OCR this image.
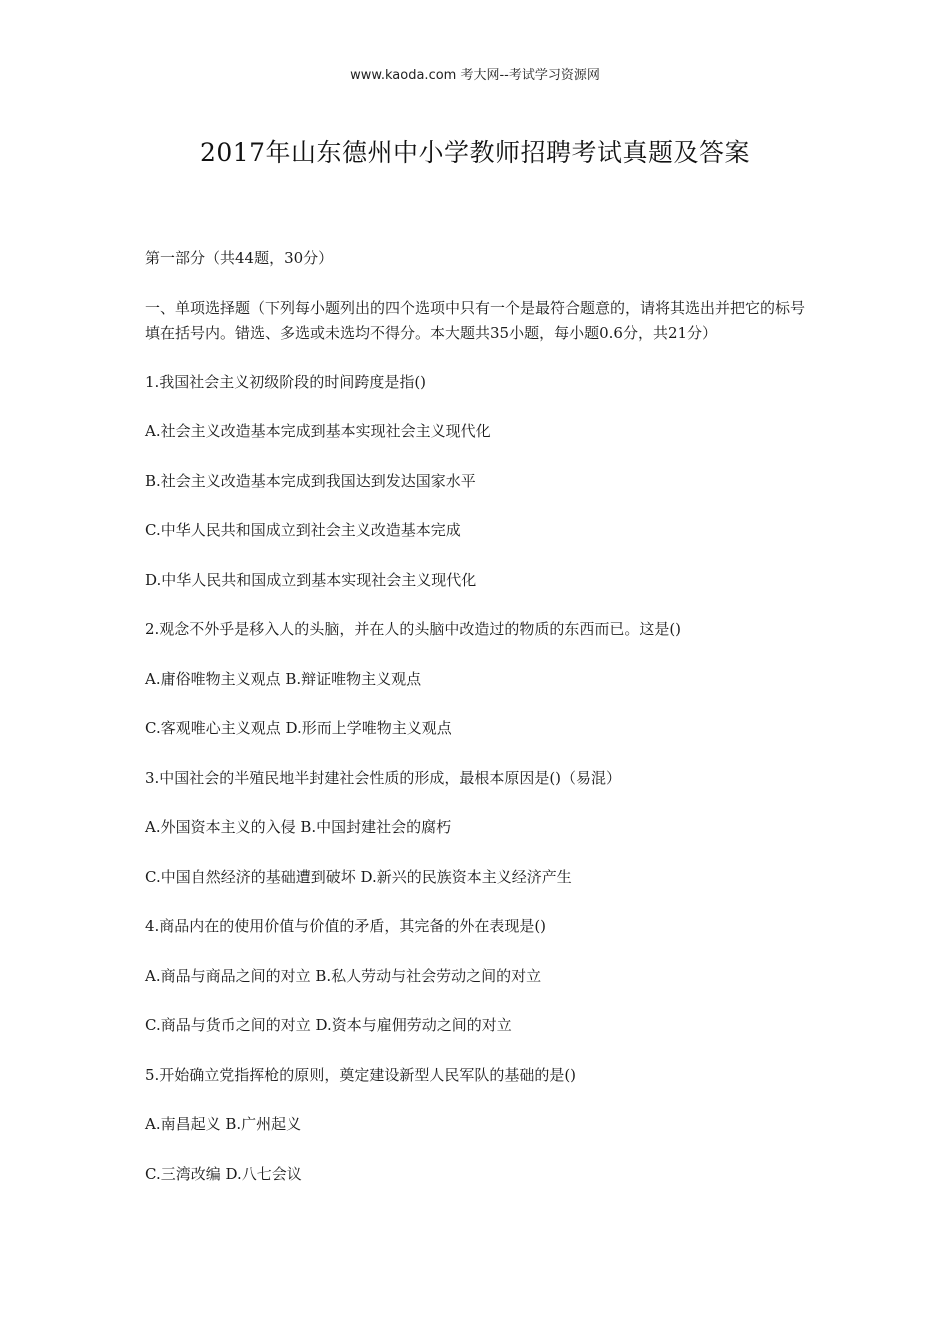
www.kaoda.com 考大网--考试学习资源网
2017年山东德州中小学教师招聘考试真题及答案

第一部分（共44题，30分）

一、单项选择题（下列每小题列出的四个选项中只有一个是最符合题意的，请将其选出并把它的标号填在括号内。错选、多选或未选均不得分。本大题共35小题，每小题0.6分，共21分）

1.我国社会主义初级阶段的时间跨度是指()

A.社会主义改造基本完成到基本实现社会主义现代化

B.社会主义改造基本完成到我国达到发达国家水平

C.中华人民共和国成立到社会主义改造基本完成

D.中华人民共和国成立到基本实现社会主义现代化

2.观念不外乎是移入人的头脑，并在人的头脑中改造过的物质的东西而已。这是()

A.庸俗唯物主义观点 B.辩证唯物主义观点

C.客观唯心主义观点 D.形而上学唯物主义观点

3.中国社会的半殖民地半封建社会性质的形成，最根本原因是()（易混）

A.外国资本主义的入侵 B.中国封建社会的腐朽

C.中国自然经济的基础遭到破坏 D.新兴的民族资本主义经济产生

4.商品内在的使用价值与价值的矛盾，其完备的外在表现是()

A.商品与商品之间的对立 B.私人劳动与社会劳动之间的对立

C.商品与货币之间的对立 D.资本与雇佣劳动之间的对立

5.开始确立党指挥枪的原则，奠定建设新型人民军队的基础的是()

A.南昌起义 B.广州起义

C.三湾改编 D.八七会议
